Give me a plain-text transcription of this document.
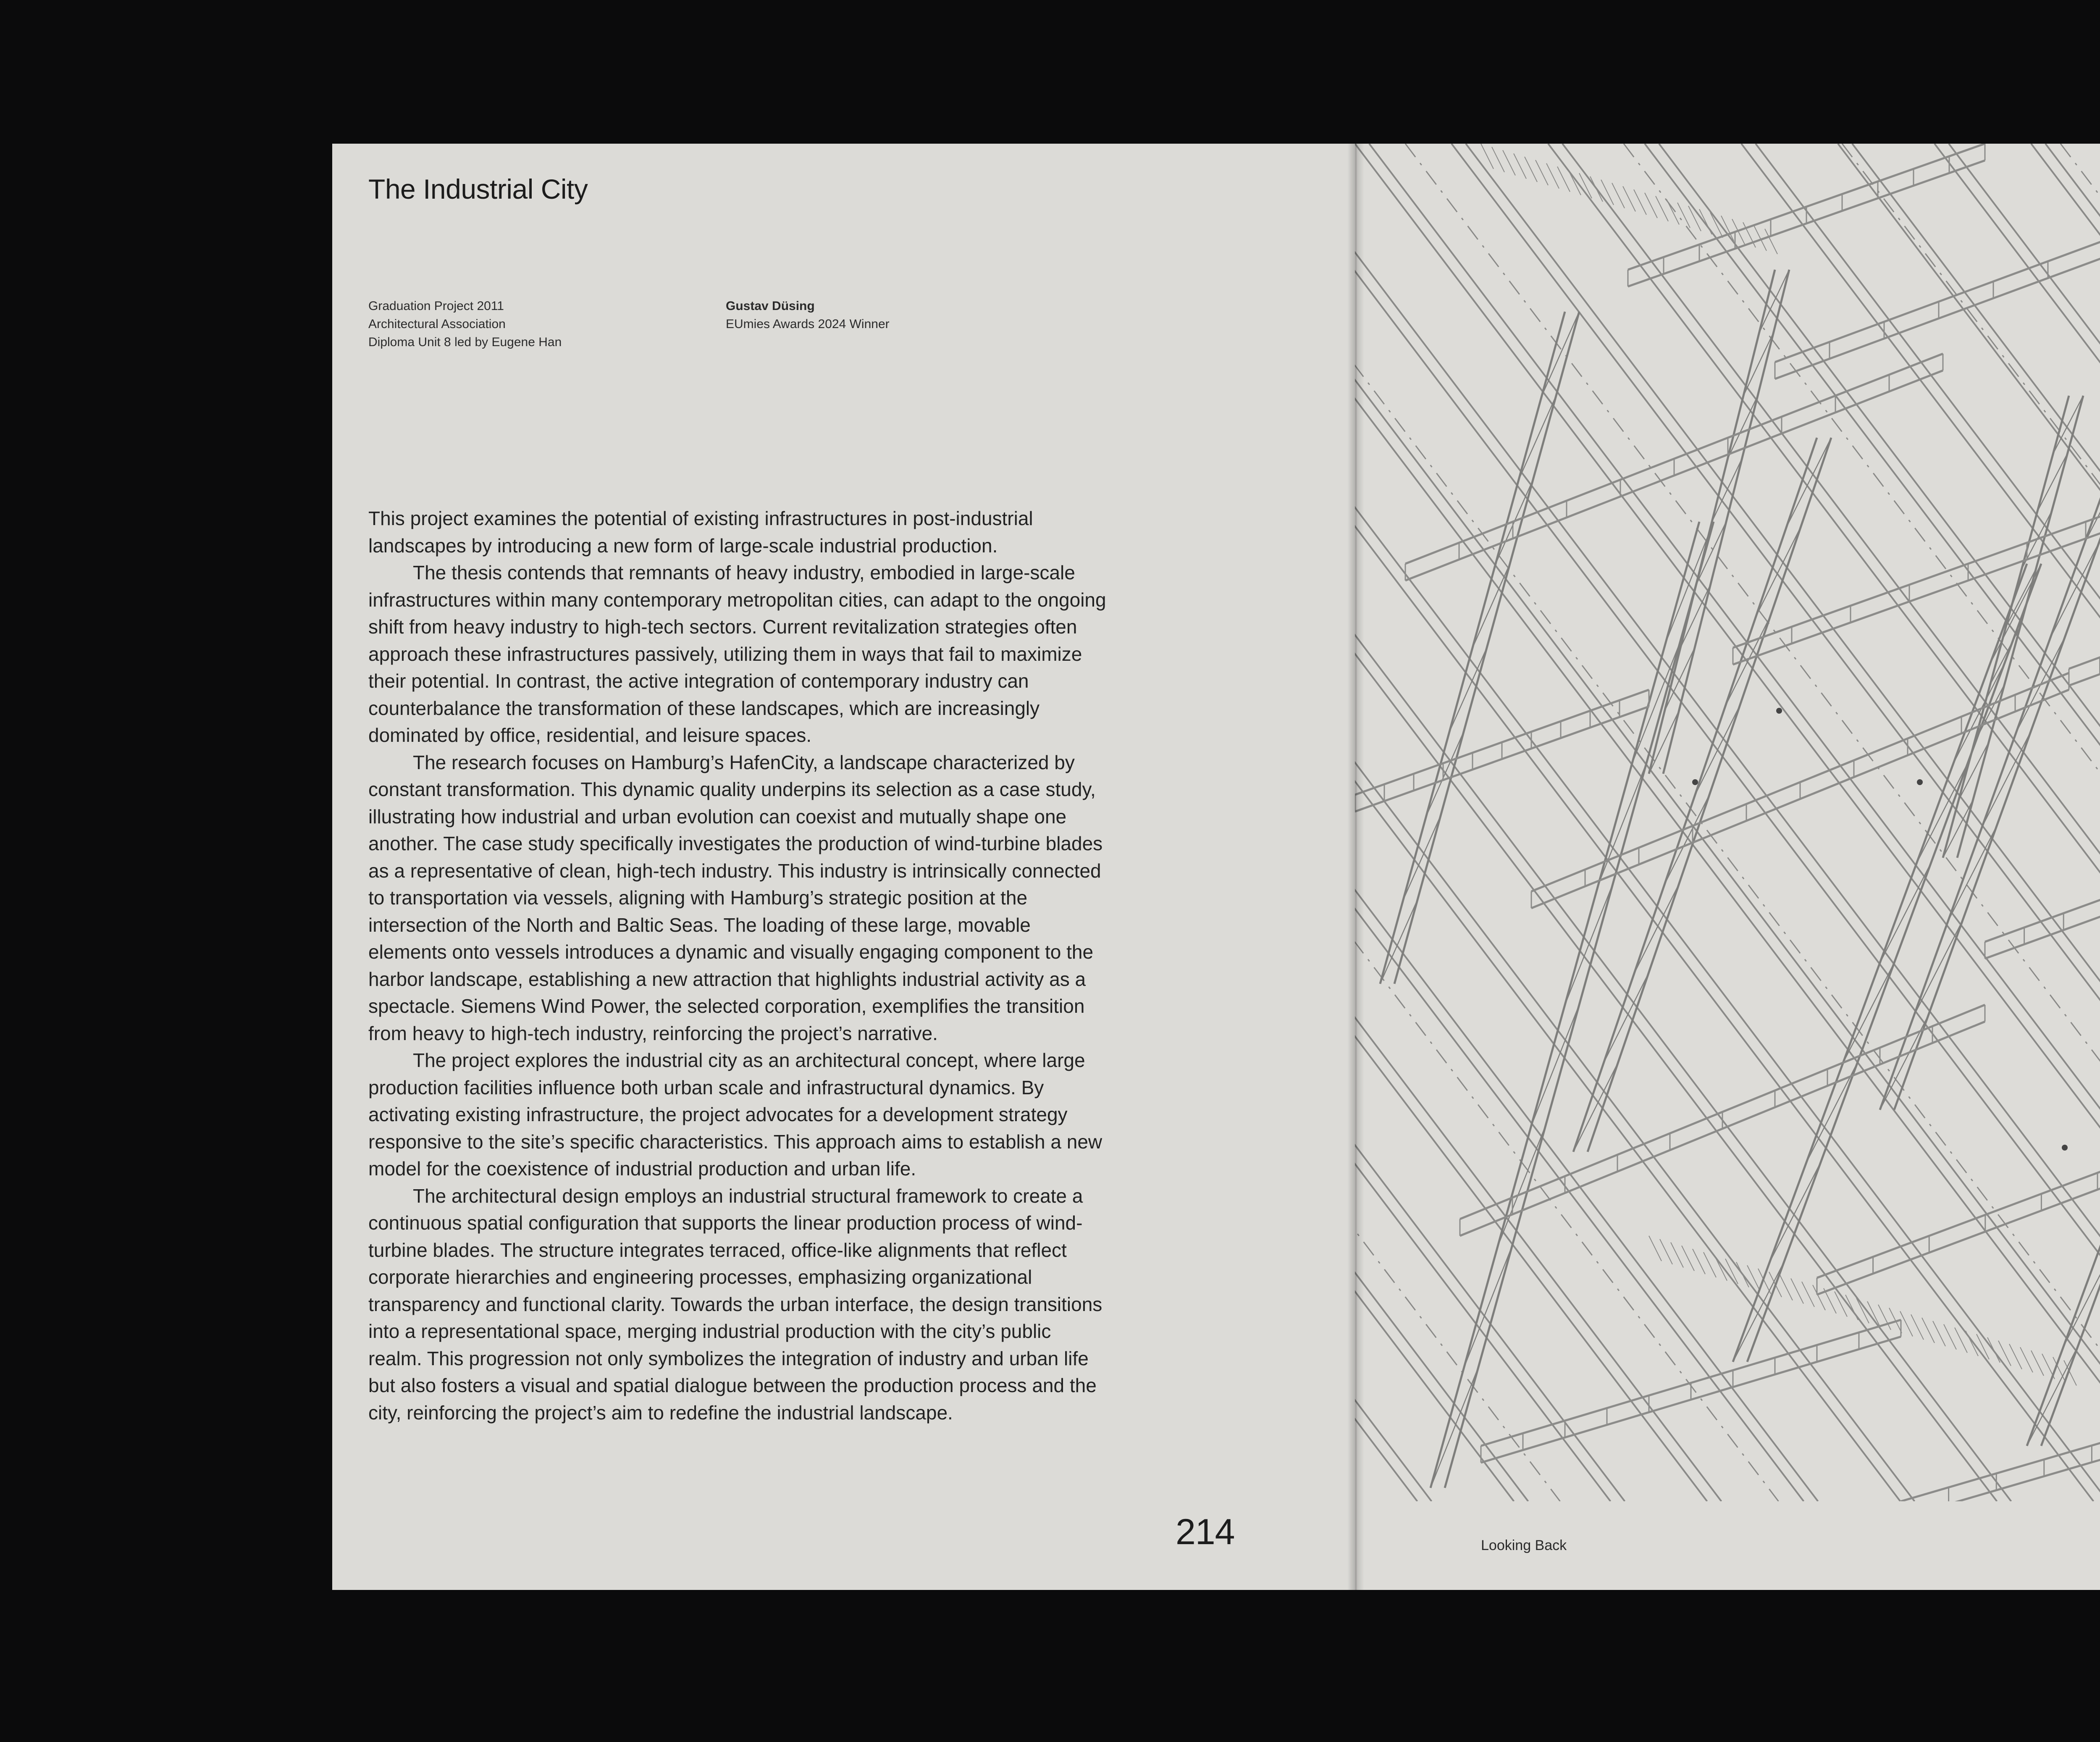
The Industrial City
Graduation Project 2011
Architectural Association
Diploma Unit 8 led by Eugene Han
Gustav Düsing
EUmies Awards 2024 Winner

This project examines the potential of existing infrastructures in post-industrial landscapes by introducing a new form of large-scale industrial production.

The thesis contends that remnants of heavy industry, embodied in large-scale infrastructures within many contemporary metropolitan cities, can adapt to the ongoing shift from heavy industry to high-tech sectors. Current revitalization strategies often approach these infrastructures passively, utilizing them in ways that fail to maximize their potential. In contrast, the active integration of contemporary industry can counterbalance the transformation of these landscapes, which are increasingly dominated by office, residential, and leisure spaces.

The research focuses on Hamburg’s HafenCity, a landscape characterized by constant transformation. This dynamic quality underpins its selection as a case study, illustrating how industrial and urban evolution can coexist and mutually shape one another. The case study specifically investigates the production of wind-turbine blades as a representative of clean, high-tech industry. This industry is intrinsically connected to transportation via vessels, aligning with Hamburg’s strategic position at the intersection of the North and Baltic Seas. The loading of these large, movable elements onto vessels introduces a dynamic and visually engaging component to the harbor landscape, establishing a new attraction that highlights industrial activity as a spectacle. Siemens Wind Power, the selected corporation, exemplifies the transition from heavy to high-tech industry, reinforcing the project’s narrative.

The project explores the industrial city as an architectural concept, where large production facilities influence both urban scale and infrastructural dynamics. By activating existing infrastructure, the project advocates for a development strategy responsive to the site’s specific characteristics. This approach aims to establish a new model for the coexistence of industrial production and urban life.

The architectural design employs an industrial structural framework to create a continuous spatial configuration that supports the linear production process of wind-turbine blades. The structure integrates terraced, office-like alignments that reflect corporate hierarchies and engineering processes, emphasizing organizational transparency and functional clarity. Towards the urban interface, the design transitions into a representational space, merging industrial production with the city’s public realm. This progression not only symbolizes the integration of industry and urban life but also fosters a visual and spatial dialogue between the production process and the city, reinforcing the project’s aim to redefine the industrial landscape.

214	Looking Back
